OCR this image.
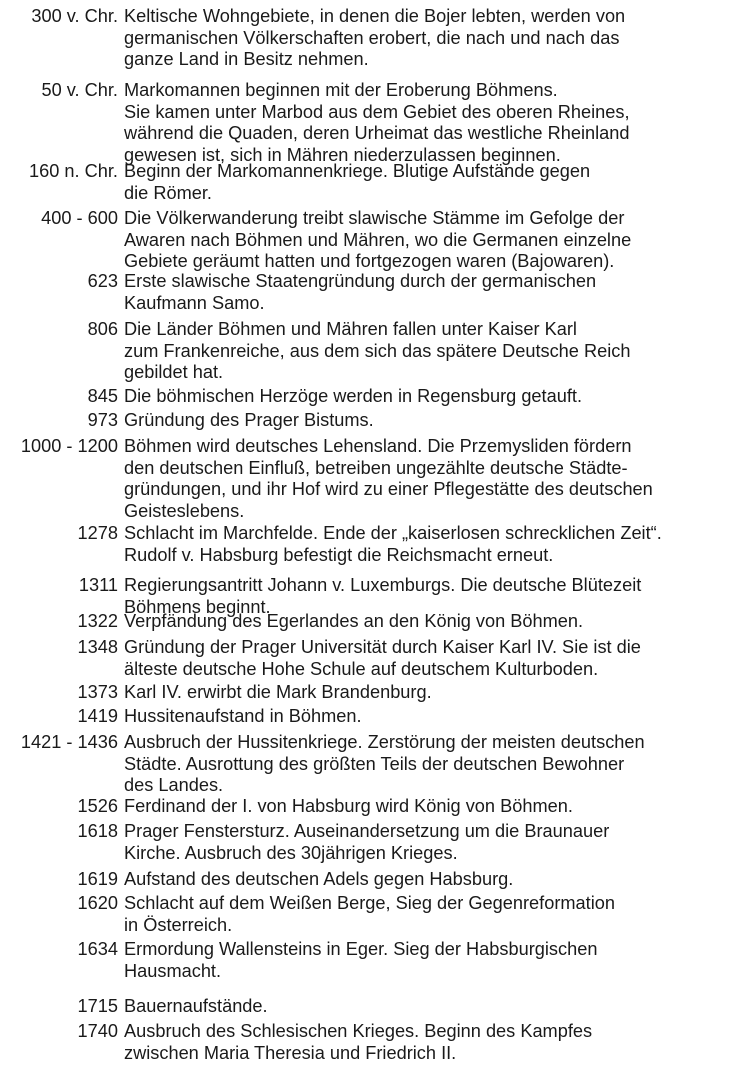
300 v. Chr. Keltische Wohngebiete, in denen die Bojer lebten, werden von
germanischen Völkerschaften erobert, die nach und nach das
ganze Land in Besitz nehmen.
50 v. Chr. Markomannen beginnen mit der Eroberung Böhmens.
Sie kamen unter Marbod aus dem Gebiet des oberen Rheines,
während die Quaden, deren Urheimat das westliche Rheinland
gewesen ist, sich in Mähren niederzulassen beginnen.
160 n. Chr. Beginn der Markomannenkriege. Blutige Aufstände gegen
die Römer.
400 - 600 Die Völkerwanderung treibt slawische Stämme im Gefolge der
Awaren nach Böhmen und Mähren, wo die Germanen einzelne
Gebiete geräumt hatten und fortgezogen waren (Bajowaren).
623 Erste slawische Staatengründung durch der germanischen
Kaufmann Samo.
806 Die Länder Böhmen und Mähren fallen unter Kaiser Karl
zum Frankenreiche, aus dem sich das spätere Deutsche Reich
gebildet hat.
845 Die böhmischen Herzöge werden in Regensburg getauft.
973 Gründung des Prager Bistums.
1000 - 1200 Böhmen wird deutsches Lehensland. Die Przemysliden fördern
den deutschen Einfluß, betreiben ungezählte deutsche Städte-
gründungen, und ihr Hof wird zu einer Pflegestätte des deutschen
Geisteslebens.
1278 Schlacht im Marchfelde. Ende der „kaiserlosen schrecklichen Zeit“.
Rudolf v. Habsburg befestigt die Reichsmacht erneut.
1311 Regierungsantritt Johann v. Luxemburgs. Die deutsche Blütezeit
Böhmens beginnt.
1322 Verpfändung des Egerlandes an den König von Böhmen.
1348 Gründung der Prager Universität durch Kaiser Karl IV. Sie ist die
älteste deutsche Hohe Schule auf deutschem Kulturboden.
1373 Karl IV. erwirbt die Mark Brandenburg.
1419 Hussitenaufstand in Böhmen.
1421 - 1436 Ausbruch der Hussitenkriege. Zerstörung der meisten deutschen
Städte. Ausrottung des größten Teils der deutschen Bewohner
des Landes.
1526 Ferdinand der I. von Habsburg wird König von Böhmen.
1618 Prager Fenstersturz. Auseinandersetzung um die Braunauer
Kirche. Ausbruch des 30jährigen Krieges.
1619 Aufstand des deutschen Adels gegen Habsburg.
1620 Schlacht auf dem Weißen Berge, Sieg der Gegenreformation
in Österreich.
1634 Ermordung Wallensteins in Eger. Sieg der Habsburgischen
Hausmacht.
1715 Bauernaufstände.
1740 Ausbruch des Schlesischen Krieges. Beginn des Kampfes
zwischen Maria Theresia und Friedrich II.
